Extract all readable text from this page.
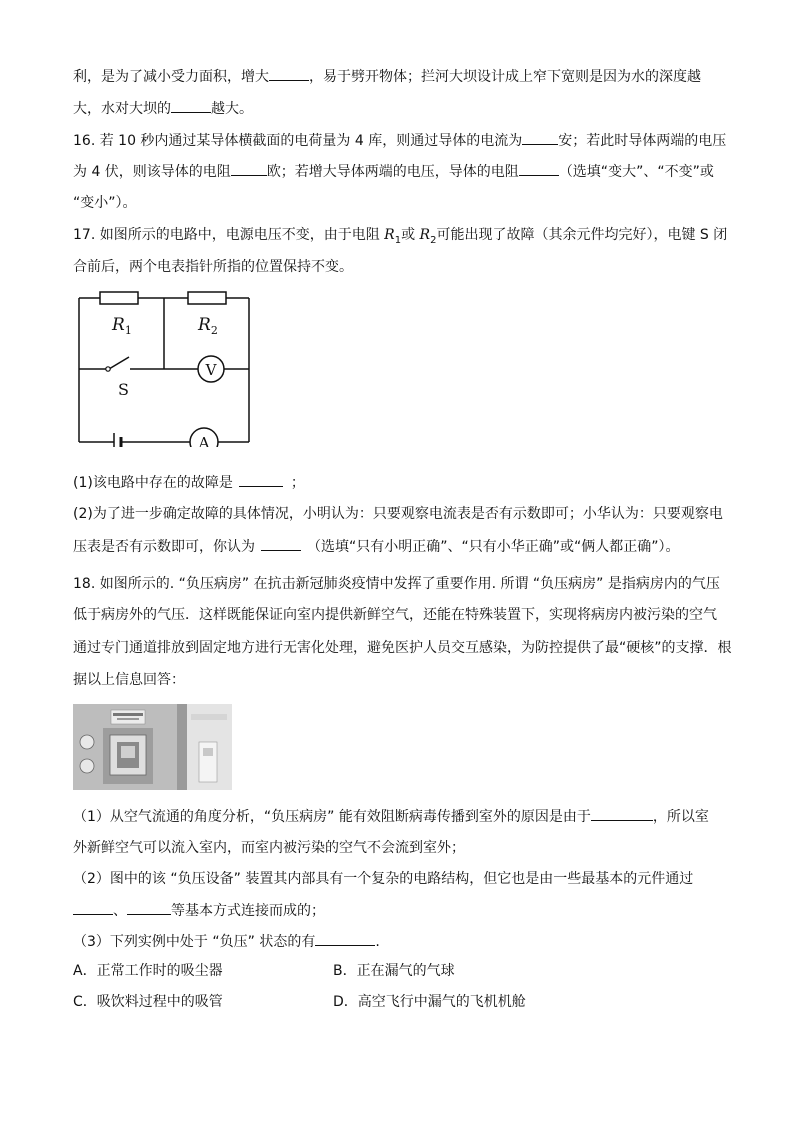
利，是为了减小受力面积，增大	，易于劈开物体；拦河大坝设计成上窄下宽则是因为水的深度越
大，水对大坝的	越大。
16. 若 10 秒内通过某导体横截面的电荷量为 4 库，则通过导体的电流为	安；若此时导体两端的电压
为 4 伏，则该导体的电阻	欧；若增大导体两端的电压，导体的电阻	（选填“变大”、“不变”或
“变小”）。
17. 如图所示的电路中，电源电压不变，由于电阻 $R_1$或 $R_2$可能出现了故障（其余元件均完好），电键 S 闭
合前后，两个电表指针所指的位置保持不变。
$R_1$	$R_2$
S
V
A
(1)该电路中存在的故障是	；
(2)为了进一步确定故障的具体情况，小明认为：只要观察电流表是否有示数即可；小华认为：只要观察电
压表是否有示数即可，你认为	（选填“只有小明正确”、“只有小华正确”或“俩人都正确”）。
18. 如图所示的. “负压病房” 在抗击新冠肺炎疫情中发挥了重要作用. 所谓 “负压病房” 是指病房内的气压
低于病房外的气压．这样既能保证向室内提供新鲜空气，还能在特殊装置下，实现将病房内被污染的空气
通过专门通道排放到固定地方进行无害化处理，避免医护人员交互感染，为防控提供了最“硬核”的支撑．根
据以上信息回答：
（1）从空气流通的角度分析，“负压病房” 能有效阻断病毒传播到室外的原因是由于	，所以室
外新鲜空气可以流入室内，而室内被污染的空气不会流到室外；
（2）图中的该 “负压设备” 装置其内部具有一个复杂的电路结构，但它也是由一些最基本的元件通过
、	等基本方式连接而成的；
（3）下列实例中处于 “负压” 状态的有	.
A．正常工作时的吸尘器	B．正在漏气的气球
C．吸饮料过程中的吸管	D．高空飞行中漏气的飞机机舱
